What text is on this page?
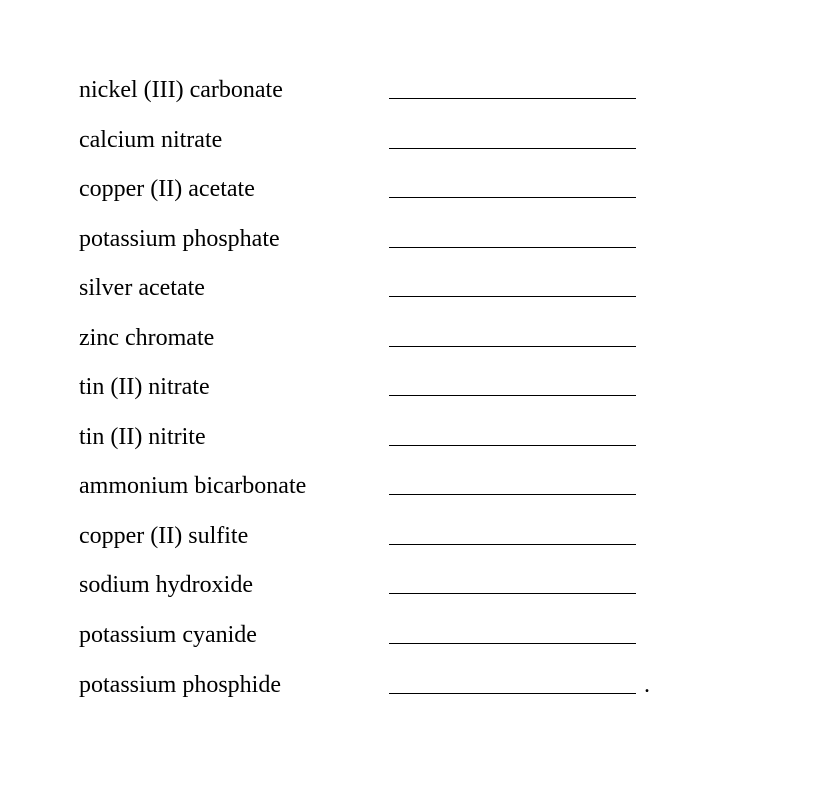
nickel (III) carbonate
calcium nitrate
copper (II) acetate
potassium phosphate
silver acetate
zinc chromate
tin (II) nitrate
tin (II) nitrite
ammonium bicarbonate
copper (II) sulfite
sodium hydroxide
potassium cyanide
potassium phosphide	.
